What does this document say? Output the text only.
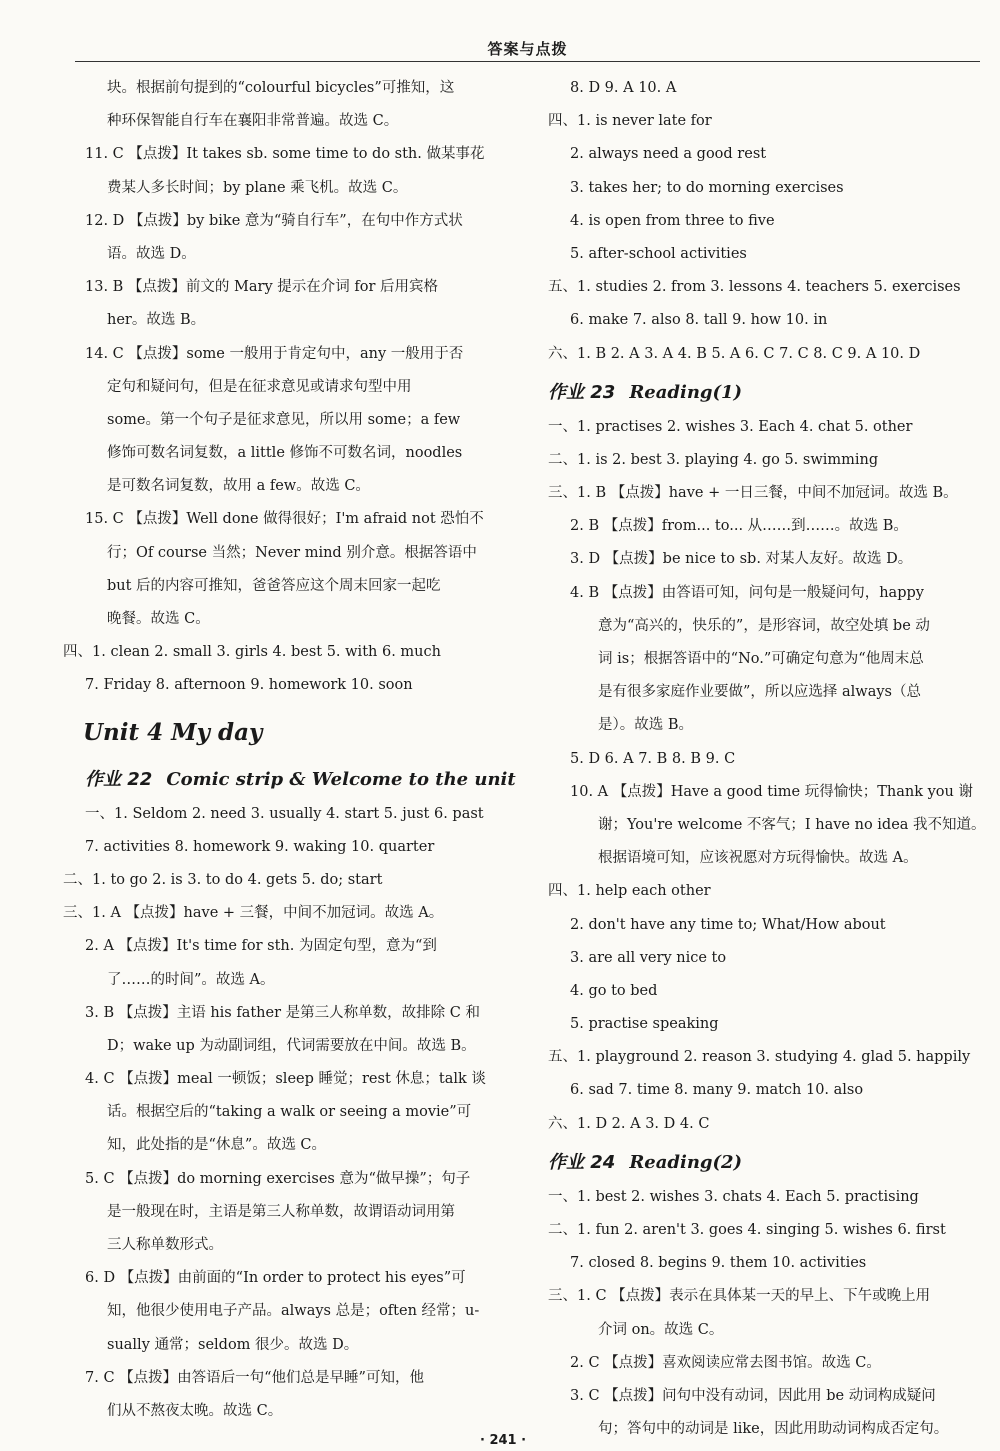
答案与点拨
块。根据前句提到的“colourful bicycles”可推知，这
种环保智能自行车在襄阳非常普遍。故选 C。
11. C 【点拨】It takes sb. some time to do sth. 做某事花
费某人多长时间；by plane 乘飞机。故选 C。
12. D 【点拨】by bike 意为“骑自行车”，在句中作方式状
语。故选 D。
13. B 【点拨】前文的 Mary 提示在介词 for 后用宾格
her。故选 B。
14. C 【点拨】some 一般用于肯定句中，any 一般用于否
定句和疑问句，但是在征求意见或请求句型中用
some。第一个句子是征求意见，所以用 some；a few
修饰可数名词复数，a little 修饰不可数名词，noodles
是可数名词复数，故用 a few。故选 C。
15. C 【点拨】Well done 做得很好；I'm afraid not 恐怕不
行；Of course 当然；Never mind 别介意。根据答语中
but 后的内容可推知，爸爸答应这个周末回家一起吃
晚餐。故选 C。
四、1. clean 2. small 3. girls 4. best 5. with 6. much
7. Friday 8. afternoon 9. homework 10. soon
Unit 4 My day
作业 22 Comic strip & Welcome to the unit
一、1. Seldom 2. need 3. usually 4. start 5. just 6. past
7. activities 8. homework 9. waking 10. quarter
二、1. to go 2. is 3. to do 4. gets 5. do; start
三、1. A 【点拨】have + 三餐，中间不加冠词。故选 A。
2. A 【点拨】It's time for sth. 为固定句型，意为“到
了……的时间”。故选 A。
3. B 【点拨】主语 his father 是第三人称单数，故排除 C 和
D；wake up 为动副词组，代词需要放在中间。故选 B。
4. C 【点拨】meal 一顿饭；sleep 睡觉；rest 休息；talk 谈
话。根据空后的“taking a walk or seeing a movie”可
知，此处指的是“休息”。故选 C。
5. C 【点拨】do morning exercises 意为“做早操”；句子
是一般现在时，主语是第三人称单数，故谓语动词用第
三人称单数形式。
6. D 【点拨】由前面的“In order to protect his eyes”可
知，他很少使用电子产品。always 总是；often 经常；u-
sually 通常；seldom 很少。故选 D。
7. C 【点拨】由答语后一句“他们总是早睡”可知，他
们从不熬夜太晚。故选 C。
8. D 9. A 10. A
四、1. is never late for
2. always need a good rest
3. takes her; to do morning exercises
4. is open from three to five
5. after-school activities
五、1. studies 2. from 3. lessons 4. teachers 5. exercises
6. make 7. also 8. tall 9. how 10. in
六、1. B 2. A 3. A 4. B 5. A 6. C 7. C 8. C 9. A 10. D
作业 23 Reading(1)
一、1. practises 2. wishes 3. Each 4. chat 5. other
二、1. is 2. best 3. playing 4. go 5. swimming
三、1. B 【点拨】have + 一日三餐，中间不加冠词。故选 B。
2. B 【点拨】from... to... 从……到……。故选 B。
3. D 【点拨】be nice to sb. 对某人友好。故选 D。
4. B 【点拨】由答语可知，问句是一般疑问句，happy
意为“高兴的，快乐的”，是形容词，故空处填 be 动
词 is；根据答语中的“No.”可确定句意为“他周末总
是有很多家庭作业要做”，所以应选择 always（总
是）。故选 B。
5. D 6. A 7. B 8. B 9. C
10. A 【点拨】Have a good time 玩得愉快；Thank you 谢
谢；You're welcome 不客气；I have no idea 我不知道。
根据语境可知，应该祝愿对方玩得愉快。故选 A。
四、1. help each other
2. don't have any time to; What/How about
3. are all very nice to
4. go to bed
5. practise speaking
五、1. playground 2. reason 3. studying 4. glad 5. happily
6. sad 7. time 8. many 9. match 10. also
六、1. D 2. A 3. D 4. C
作业 24 Reading(2)
一、1. best 2. wishes 3. chats 4. Each 5. practising
二、1. fun 2. aren't 3. goes 4. singing 5. wishes 6. first
7. closed 8. begins 9. them 10. activities
三、1. C 【点拨】表示在具体某一天的早上、下午或晚上用
介词 on。故选 C。
2. C 【点拨】喜欢阅读应常去图书馆。故选 C。
3. C 【点拨】问句中没有动词，因此用 be 动词构成疑问
句；答句中的动词是 like，因此用助动词构成否定句。
· 241 ·
